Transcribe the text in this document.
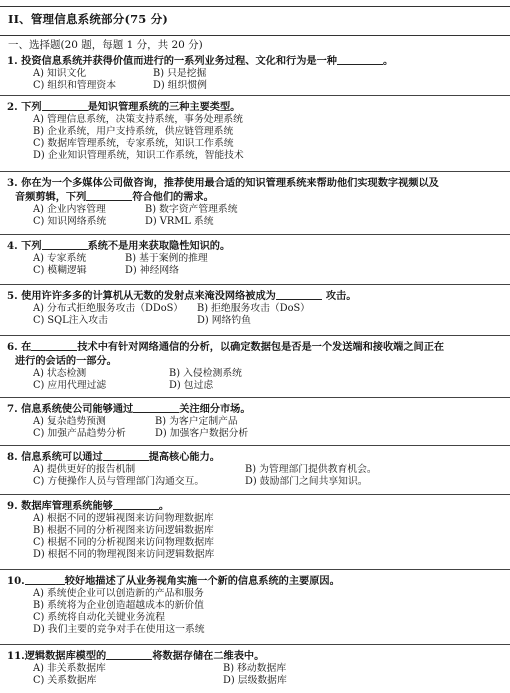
II、管理信息系统部分(75 分)
一、选择题(20 题，每题 1 分，共 20 分)
1. 投资信息系统并获得价值而进行的一系列业务过程、文化和行为是一种	。
A) 知识文化	B) 只是挖掘
C) 组织和管理资本	D) 组织惯例
2. 下列	是知识管理系统的三种主要类型。
A) 管理信息系统，决策支持系统，事务处理系统
B) 企业系统，用户支持系统，供应链管理系统
C) 数据库管理系统，专家系统，知识工作系统
D) 企业知识管理系统，知识工作系统，智能技术
3. 你在为一个多媒体公司做咨询，推荐使用最合适的知识管理系统来帮助他们实现数字视频以及
音频剪辑，下列	符合他们的需求。
A) 企业内容管理	B) 数字资产管理系统
C) 知识网络系统	D) VRML 系统
4. 下列	系统不是用来获取隐性知识的。
A) 专家系统	B) 基于案例的推理
C) 模糊逻辑	D) 神经网络
5. 使用许许多多的计算机从无数的发射点来淹没网络被成为	攻击。
A) 分布式拒绝服务攻击（DDoS）	B) 拒绝服务攻击（DoS）
C) SQL注入攻击	D) 网络钓鱼
6. 在	技术中有针对网络通信的分析，以确定数据包是否是一个发送端和接收端之间正在
进行的会话的一部分。
A) 状态检测	B) 入侵检测系统
C) 应用代理过滤	D) 包过虑
7. 信息系统使公司能够通过	关注细分市场。
A) 复杂趋势预测	B) 为客户定制产品
C) 加强产品趋势分析	D) 加强客户数据分析
8. 信息系统可以通过	提高核心能力。
A) 提供更好的报告机制	B) 为管理部门提供教育机会。
C) 方便操作人员与管理部门沟通交互。	D) 鼓励部门之间共享知识。
9. 数据库管理系统能够	。
A) 根据不同的逻辑视图来访问物理数据库
B) 根据不同的分析视图来访问逻辑数据库
C) 根据不同的分析视图来访问物理数据库
D) 根据不同的物理视图来访问逻辑数据库
10.	较好地描述了从业务视角实施一个新的信息系统的主要原因。
A) 系统使企业可以创造新的产品和服务
B) 系统将为企业创造超越成本的新价值
C) 系统将自动化关键业务流程
D) 我们主要的竞争对手在使用这一系统
11.逻辑数据库模型的	将数据存储在二维表中。
A) 非关系数据库	B) 移动数据库
C) 关系数据库	D) 层级数据库
